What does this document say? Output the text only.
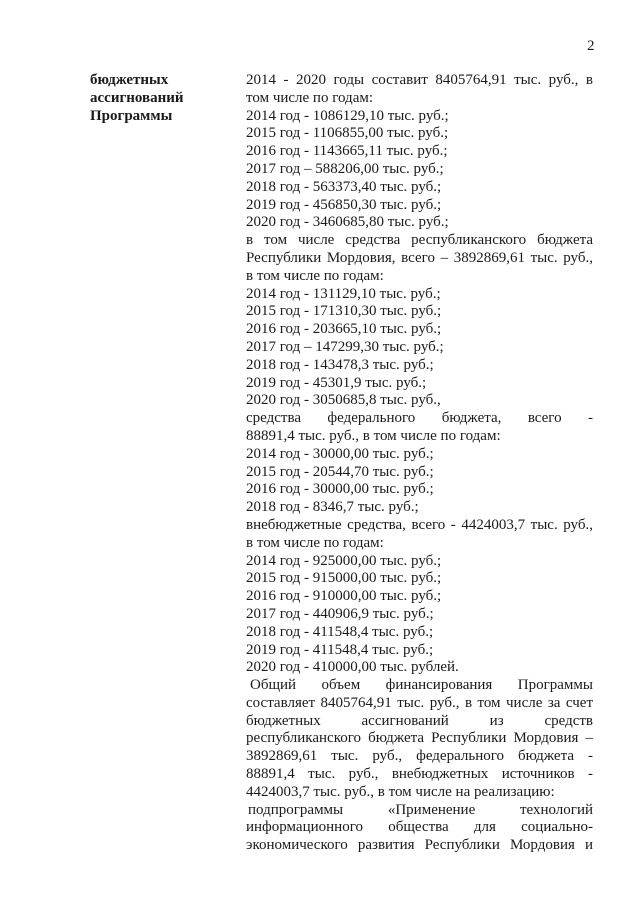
2
бюджетных
ассигнований
Программы
2014 - 2020 годы составит 8405764,91 тыс. руб., в
том числе по годам:
2014 год - 1086129,10 тыс. руб.;
2015 год - 1106855,00 тыс. руб.;
2016 год - 1143665,11 тыс. руб.;
2017 год – 588206,00 тыс. руб.;
2018 год - 563373,40 тыс. руб.;
2019 год - 456850,30 тыс. руб.;
2020 год - 3460685,80 тыс. руб.;
в том числе средства республиканского бюджета
Республики Мордовия, всего – 3892869,61 тыс. руб.,
в том числе по годам:
2014 год - 131129,10 тыс. руб.;
2015 год - 171310,30 тыс. руб.;
2016 год - 203665,10 тыс. руб.;
2017 год – 147299,30 тыс. руб.;
2018 год - 143478,3 тыс. руб.;
2019 год - 45301,9 тыс. руб.;
2020 год - 3050685,8 тыс. руб.,
средства федерального бюджета, всего -
88891,4 тыс. руб., в том числе по годам:
2014 год - 30000,00 тыс. руб.;
2015 год - 20544,70 тыс. руб.;
2016 год - 30000,00 тыс. руб.;
2018 год - 8346,7 тыс. руб.;
внебюджетные средства, всего - 4424003,7 тыс. руб.,
в том числе по годам:
2014 год - 925000,00 тыс. руб.;
2015 год - 915000,00 тыс. руб.;
2016 год - 910000,00 тыс. руб.;
2017 год - 440906,9 тыс. руб.;
2018 год - 411548,4 тыс. руб.;
2019 год - 411548,4 тыс. руб.;
2020 год - 410000,00 тыс. рублей.
Общий объем финансирования Программы
составляет 8405764,91 тыс. руб., в том числе за счет
бюджетных ассигнований из средств
республиканского бюджета Республики Мордовия –
3892869,61 тыс. руб., федерального бюджета -
88891,4 тыс. руб., внебюджетных источников -
4424003,7 тыс. руб., в том числе на реализацию:
подпрограммы «Применение технологий
информационного общества для социально-
экономического развития Республики Мордовия и
